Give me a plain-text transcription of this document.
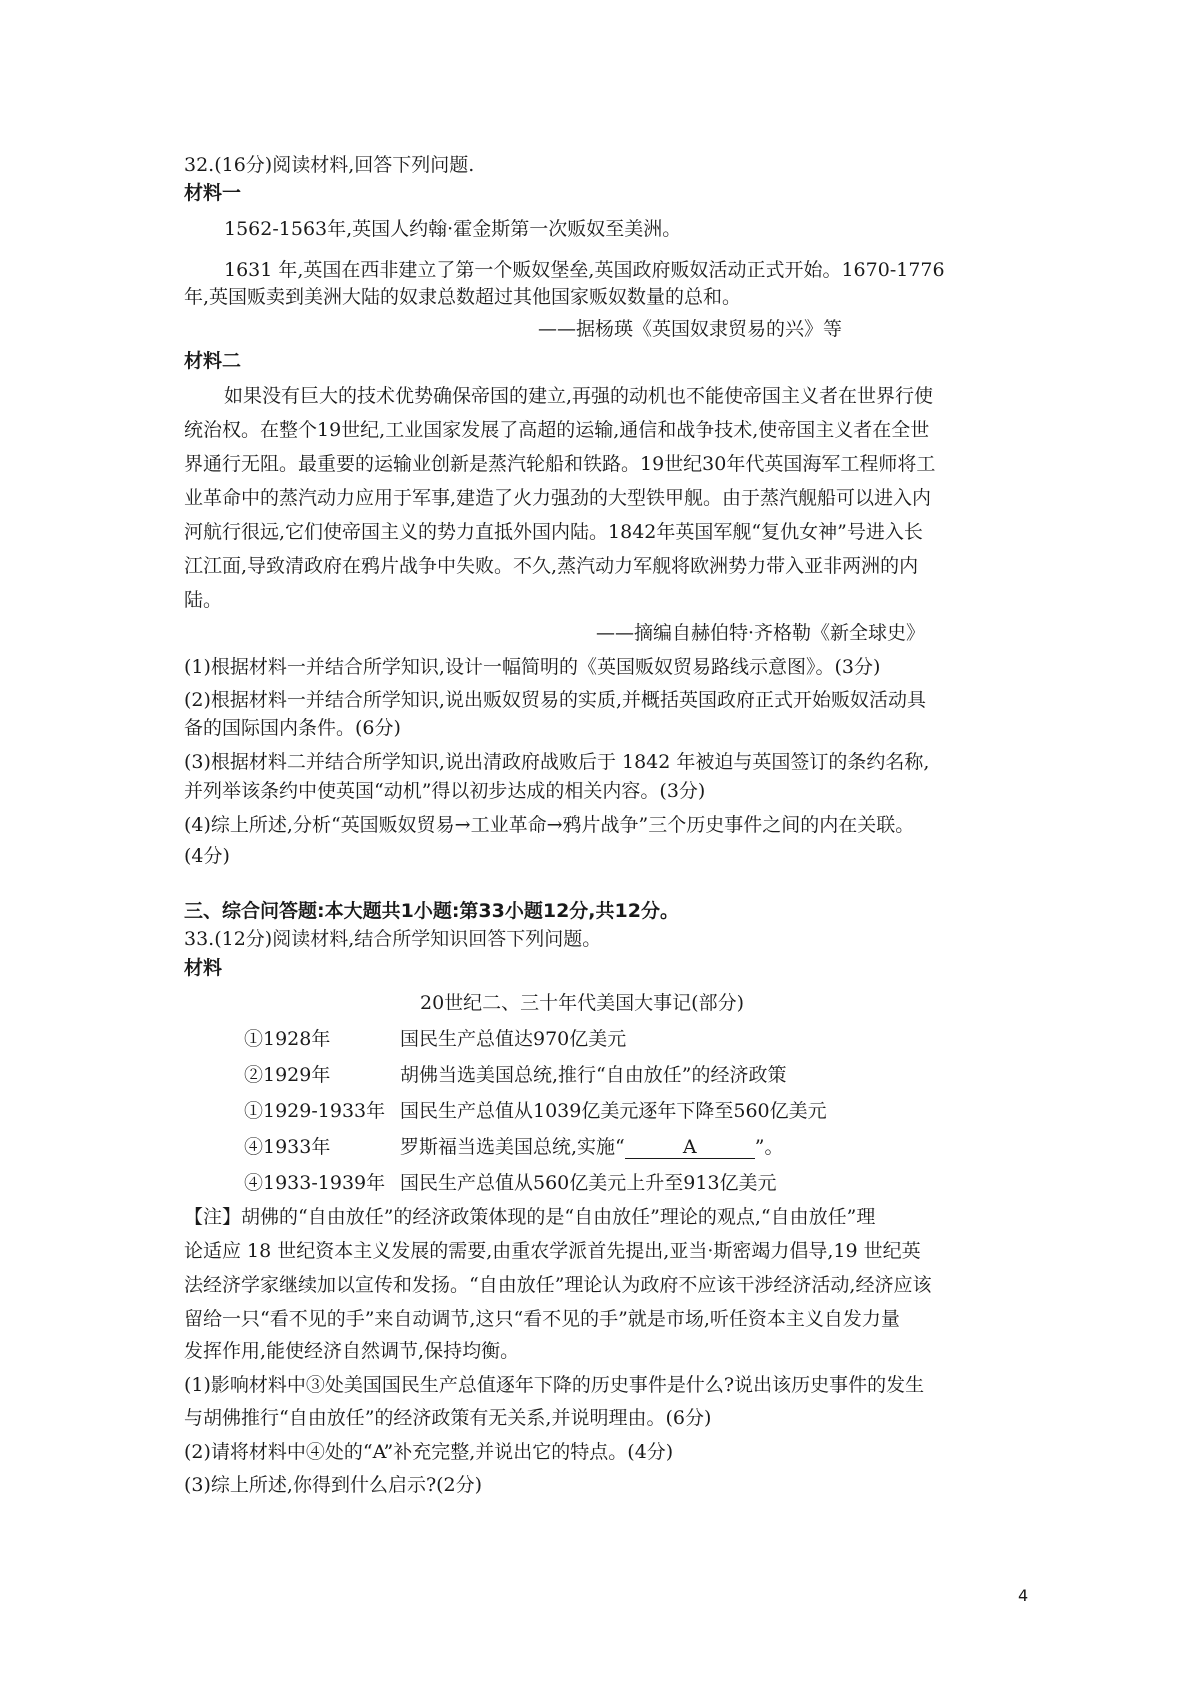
32.(16分)阅读材料,回答下列问题.
材料一
1562-1563年,英国人约翰·霍金斯第一次贩奴至美洲。
1631 年,英国在西非建立了第一个贩奴堡垒,英国政府贩奴活动正式开始。1670-1776
年,英国贩卖到美洲大陆的奴隶总数超过其他国家贩奴数量的总和。
——据杨瑛《英国奴隶贸易的兴》等
材料二
如果没有巨大的技术优势确保帝国的建立,再强的动机也不能使帝国主义者在世界行使
统治权。在整个19世纪,工业国家发展了高超的运输,通信和战争技术,使帝国主义者在全世
界通行无阻。最重要的运输业创新是蒸汽轮船和铁路。19世纪30年代英国海军工程师将工
业革命中的蒸汽动力应用于军事,建造了火力强劲的大型铁甲舰。由于蒸汽舰船可以进入内
河航行很远,它们使帝国主义的势力直抵外国内陆。1842年英国军舰“复仇女神”号进入长
江江面,导致清政府在鸦片战争中失败。不久,蒸汽动力军舰将欧洲势力带入亚非两洲的内
陆。
——摘编自赫伯特·齐格勒《新全球史》
(1)根据材料一并结合所学知识,设计一幅简明的《英国贩奴贸易路线示意图》。(3分)
(2)根据材料一并结合所学知识,说出贩奴贸易的实质,并概括英国政府正式开始贩奴活动具
备的国际国内条件。(6分)
(3)根据材料二并结合所学知识,说出清政府战败后于 1842 年被迫与英国签订的条约名称,
并列举该条约中使英国“动机”得以初步达成的相关内容。(3分)
(4)综上所述,分析“英国贩奴贸易→工业革命→鸦片战争”三个历史事件之间的内在关联。
(4分)
三、综合问答题:本大题共1小题:第33小题12分,共12分。
33.(12分)阅读材料,结合所学知识回答下列问题。
材料
20世纪二、三十年代美国大事记(部分)
①1928年	国民生产总值达970亿美元
②1929年	胡佛当选美国总统,推行“自由放任”的经济政策
①1929-1933年 国民生产总值从1039亿美元逐年下降至560亿美元
④1933年	罗斯福当选美国总统,实施“	A	”。
④1933-1939年 国民生产总值从560亿美元上升至913亿美元
【注】胡佛的“自由放任”的经济政策体现的是“自由放任”理论的观点,“自由放任”理
论适应 18 世纪资本主义发展的需要,由重农学派首先提出,亚当·斯密竭力倡导,19 世纪英
法经济学家继续加以宣传和发扬。“自由放任”理论认为政府不应该干涉经济活动,经济应该
留给一只“看不见的手”来自动调节,这只“看不见的手”就是市场,听任资本主义自发力量
发挥作用,能使经济自然调节,保持均衡。
(1)影响材料中③处美国国民生产总值逐年下降的历史事件是什么?说出该历史事件的发生
与胡佛推行“自由放任”的经济政策有无关系,并说明理由。(6分)
(2)请将材料中④处的“A”补充完整,并说出它的特点。(4分)
(3)综上所述,你得到什么启示?(2分)
4
